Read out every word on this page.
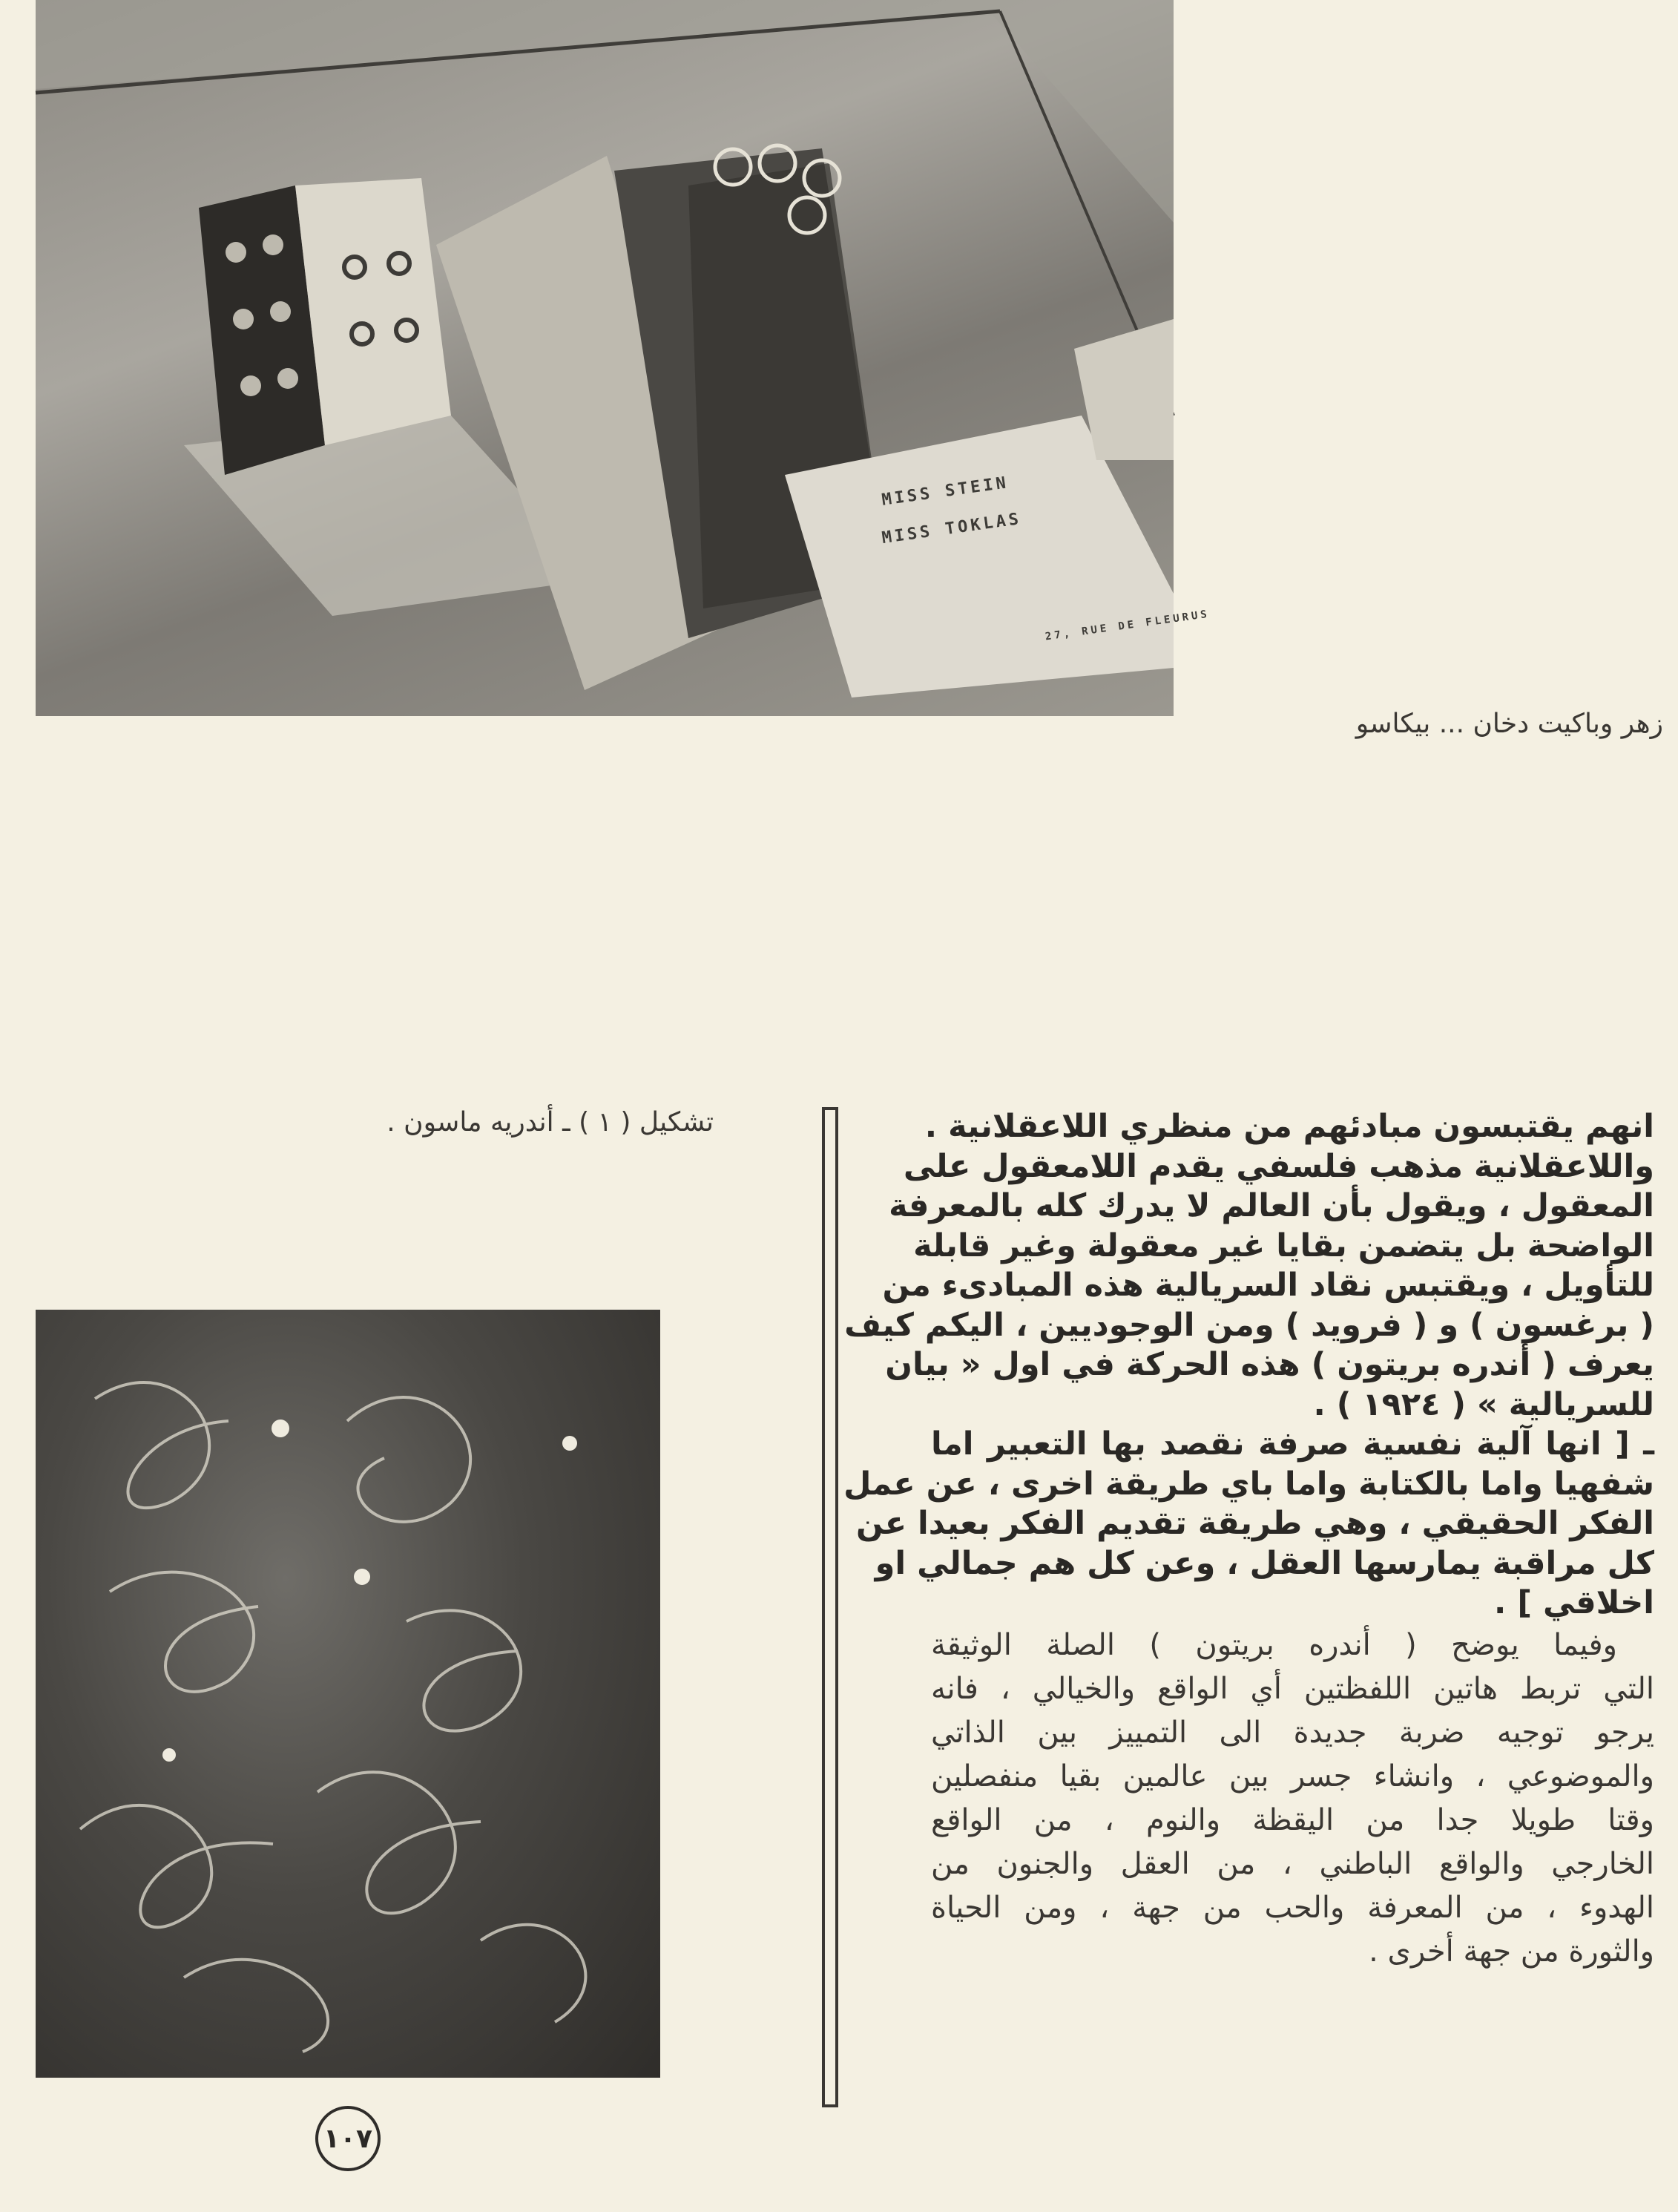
MISS STEIN
MISS TOKLAS
27, RUE DE FLEURUS
زهر وباكيت دخان ... بيكاسو
تشكيل ( ١ ) ـ أندريه ماسون .	انهم يقتبسون مبادئهم من منظري اللاعقلانية .
واللاعقلانية مذهب فلسفي يقدم اللامعقول على
المعقول ، ويقول بأن العالم لا يدرك كله بالمعرفة
الواضحة بل يتضمن بقايا غير معقولة وغير قابلة
للتأويل ، ويقتبس نقاد السريالية هذه المبادىء من
( برغسون ) و ( فرويد ) ومن الوجوديين ، اليكم كيف
يعرف ( أندره بريتون ) هذه الحركة في اول « بيان
للسريالية » ( ١٩٢٤ ) .
ـ [ انها آلية نفسية صرفة نقصد بها التعبير اما
شفهيا واما بالكتابة واما باي طريقة اخرى ، عن عمل
الفكر الحقيقي ، وهي طريقة تقديم الفكر بعيدا عن
كل مراقبة يمارسها العقل ، وعن كل هم جمالي او
اخلاقي ] .
وفيما يوضح ( أندره بريتون ) الصلة الوثيقة
التي تربط هاتين اللفظتين أي الواقع والخيالي ، فانه
يرجو توجيه ضربة جديدة الى التمييز بين الذاتي
والموضوعي ، وانشاء جسر بين عالمين بقيا منفصلين
وقتا طويلا جدا من اليقظة والنوم ، من الواقع
الخارجي والواقع الباطني ، من العقل والجنون من
الهدوء ، من المعرفة والحب من جهة ، ومن الحياة
والثورة من جهة أخرى .
١٠٧
